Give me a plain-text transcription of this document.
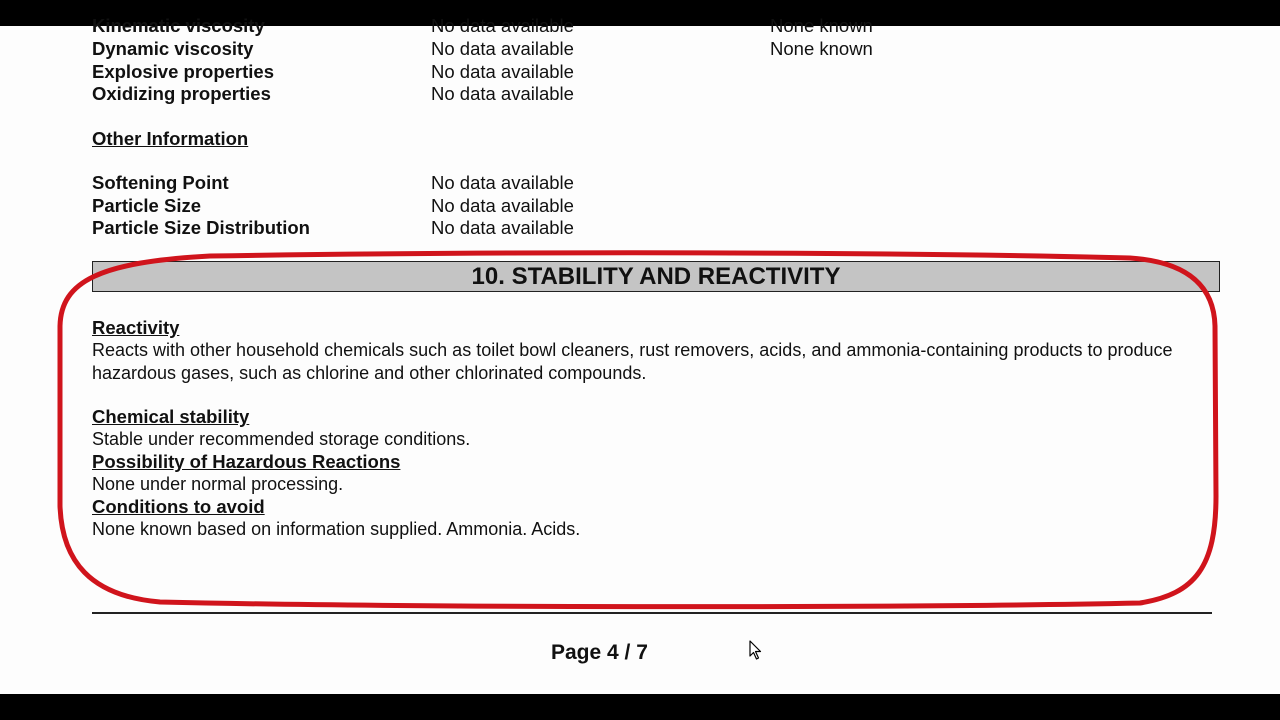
Kinematic viscosity	No data available	None known
Dynamic viscosity	No data available	None known
Explosive properties	No data available
Oxidizing properties	No data available
Other Information
Softening Point	No data available
Particle Size	No data available
Particle Size Distribution	No data available
10. STABILITY AND REACTIVITY
Reactivity
Reacts with other household chemicals such as toilet bowl cleaners, rust removers, acids, and ammonia-containing products to produce hazardous gases, such as chlorine and other chlorinated compounds.
Chemical stability
Stable under recommended storage conditions.
Possibility of Hazardous Reactions
None under normal processing.
Conditions to avoid
None known based on information supplied. Ammonia. Acids.
Page 4 / 7
